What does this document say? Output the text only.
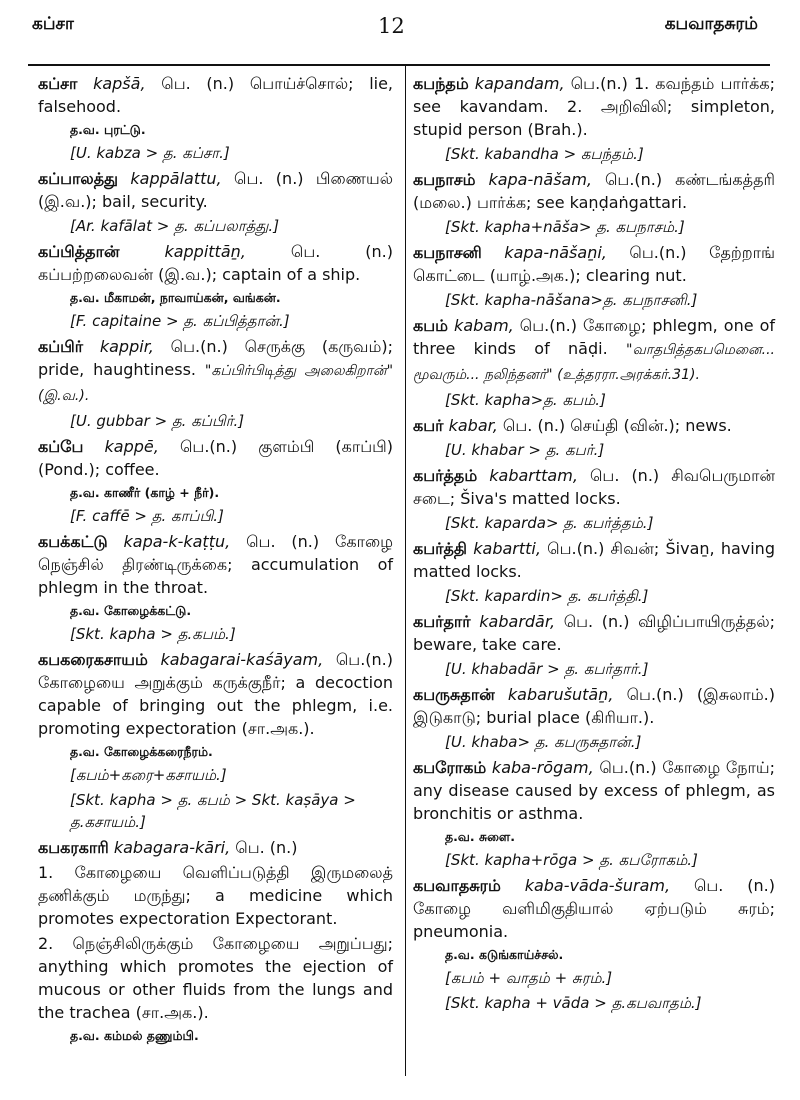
கப்சா	12	கபவாதசுரம்
கப்சா kapšā, பெ. (n.) பொய்ச்சொல்; lie, falsehood.
த.வ. புரட்டு.
[U. kabza > த. கப்சா.]
கப்பாலத்து kappālattu, பெ. (n.) பிணையல் (இ.வ.); bail, security.
[Ar. kafālat > த. கப்பலாத்து.]
கப்பித்தான்	kappittāṉ,	பெ. (n.) கப்பற்றலைவன் (இ.வ.); captain of a ship.
த.வ. மீகாமன், நாவாய்கன், வங்கன்.
[F. capitaine > த. கப்பித்தான்.]
கப்பிர் kappir, பெ.(n.) செருக்கு (கருவம்); pride, haughtiness. "கப்பிர்பிடித்து அலைகிறான்" (இ.வ.).
[U. gubbar > த. கப்பிர்.]
கப்பே kappē, பெ.(n.) குளம்பி (காப்பி) (Pond.); coffee.
த.வ. காணீர் (காழ் + நீர்).
[F. caffē > த. காப்பி.]
கபக்கட்டு kapa-k-kaṭṭu, பெ. (n.) கோழை நெஞ்சில் திரண்டிருக்கை; accumulation of phlegm in the throat.
த.வ. கோழைக்கட்டு.
[Skt. kapha > த.கபம்.]
கபகரைகசாயம் kabagarai-kaśāyam, பெ.(n.) கோழையை அறுக்கும் கருக்குநீர்; a decoction capable of bringing out the phlegm, i.e. promoting expectoration (சா.அக.).
த.வ. கோழைக்கரைநீரம்.
[கபம்+கரை+கசாயம்.]
[Skt. kapha > த. கபம் > Skt. kaṣāya > த.கசாயம்.]
கபகரகாரி kabagara-kāri, பெ. (n.)
1. கோழையை வெளிப்படுத்தி இருமலைத் தணிக்கும் மருந்து; a medicine which promotes expectoration Expectorant.
2. நெஞ்சிலிருக்கும் கோழையை அறுப்பது; anything which promotes the ejection of mucous or other fluids from the lungs and the trachea (சா.அக.).
த.வ. கம்மல் தணும்பி.
கபந்தம் kapandam, பெ.(n.) 1. கவந்தம் பார்க்க; see kavandam. 2. அறிவிலி; simpleton, stupid person (Brah.).
[Skt. kabandha > கபந்தம்.]
கபநாசம் kapa-nāšam, பெ.(n.) கண்டங்கத்தரி (மலை.) பார்க்க; see kaṇḍaṅgattari.
[Skt. kapha+nāša> த. கபநாசம்.]
கபநாசனி kapa-nāšaṉi, பெ.(n.) தேற்றாங் கொட்டை (யாழ்.அக.); clearing nut.
[Skt. kapha-nāšana>த. கபநாசனி.]
கபம் kabam, பெ.(n.) கோழை; phlegm, one of three kinds of nāḍi. "வாதபித்தகபமெனை... மூவரும்... நலிந்தனர்" (உத்தரரா.அரக்கர்.31).
[Skt. kapha>த. கபம்.]
கபர் kabar, பெ. (n.) செய்தி (வின்.); news.
[U. khabar > த. கபர்.]
கபர்த்தம் kabarttam, பெ. (n.) சிவபெருமான் சடை; Šiva's matted locks.
[Skt. kaparda> த. கபர்த்தம்.]
கபர்த்தி kabartti, பெ.(n.) சிவன்; Šivaṉ, having matted locks.
[Skt. kapardin> த. கபர்த்தி.]
கபர்தார் kabardār, பெ. (n.) விழிப்பாயிருத்தல்; beware, take care.
[U. khabadār > த. கபர்தார்.]
கபருசுதான் kabarušutāṉ, பெ.(n.) (இசுலாம்.) இடுகாடு; burial place (கிரியா.).
[U. khaba> த. கபருசுதான்.]
கபரோகம் kaba-rōgam, பெ.(n.) கோழை நோய்; any disease caused by excess of phlegm, as bronchitis or asthma.
த.வ. சுளை.
[Skt. kapha+rōga > த. கபரோகம்.]
கபவாதசுரம் kaba-vāda-šuram, பெ. (n.) கோழை வளிமிகுதியால் ஏற்படும் சுரம்; pneumonia.
த.வ. கடுங்காய்ச்சல்.
[கபம் + வாதம் + சுரம்.]
[Skt. kapha + vāda > த.கபவாதம்.]
